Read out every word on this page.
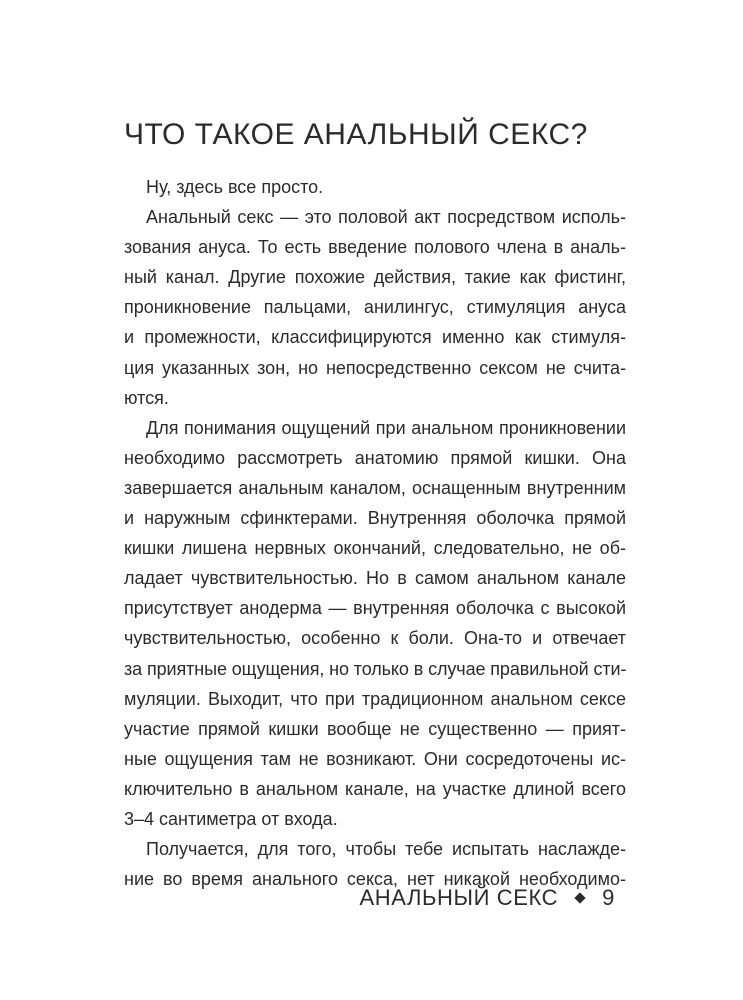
ЧТО ТАКОЕ АНАЛЬНЫЙ СЕКС?
Ну, здесь все просто.
Анальный секс — это половой акт посредством исполь-
зования ануса. То есть введение полового члена в аналь-
ный канал. Другие похожие действия, такие как фистинг,
проникновение пальцами, анилингус, стимуляция ануса
и промежности, классифицируются именно как стимуля-
ция указанных зон, но непосредственно сексом не счита-
ются.
Для понимания ощущений при анальном проникновении
необходимо рассмотреть анатомию прямой кишки. Она
завершается анальным каналом, оснащенным внутренним
и наружным сфинктерами. Внутренняя оболочка прямой
кишки лишена нервных окончаний, следовательно, не об-
ладает чувствительностью. Но в самом анальном канале
присутствует анодерма — внутренняя оболочка с высокой
чувствительностью, особенно к боли. Она-то и отвечает
за приятные ощущения, но только в случае правильной сти-
муляции. Выходит, что при традиционном анальном сексе
участие прямой кишки вообще не существенно — прият-
ные ощущения там не возникают. Они сосредоточены ис-
ключительно в анальном канале, на участке длиной всего
3–4 сантиметра от входа.
Получается, для того, чтобы тебе испытать наслажде-
ние во время анального секса, нет никакой необходимо-
АНАЛЬНЫЙ СЕКС 9
